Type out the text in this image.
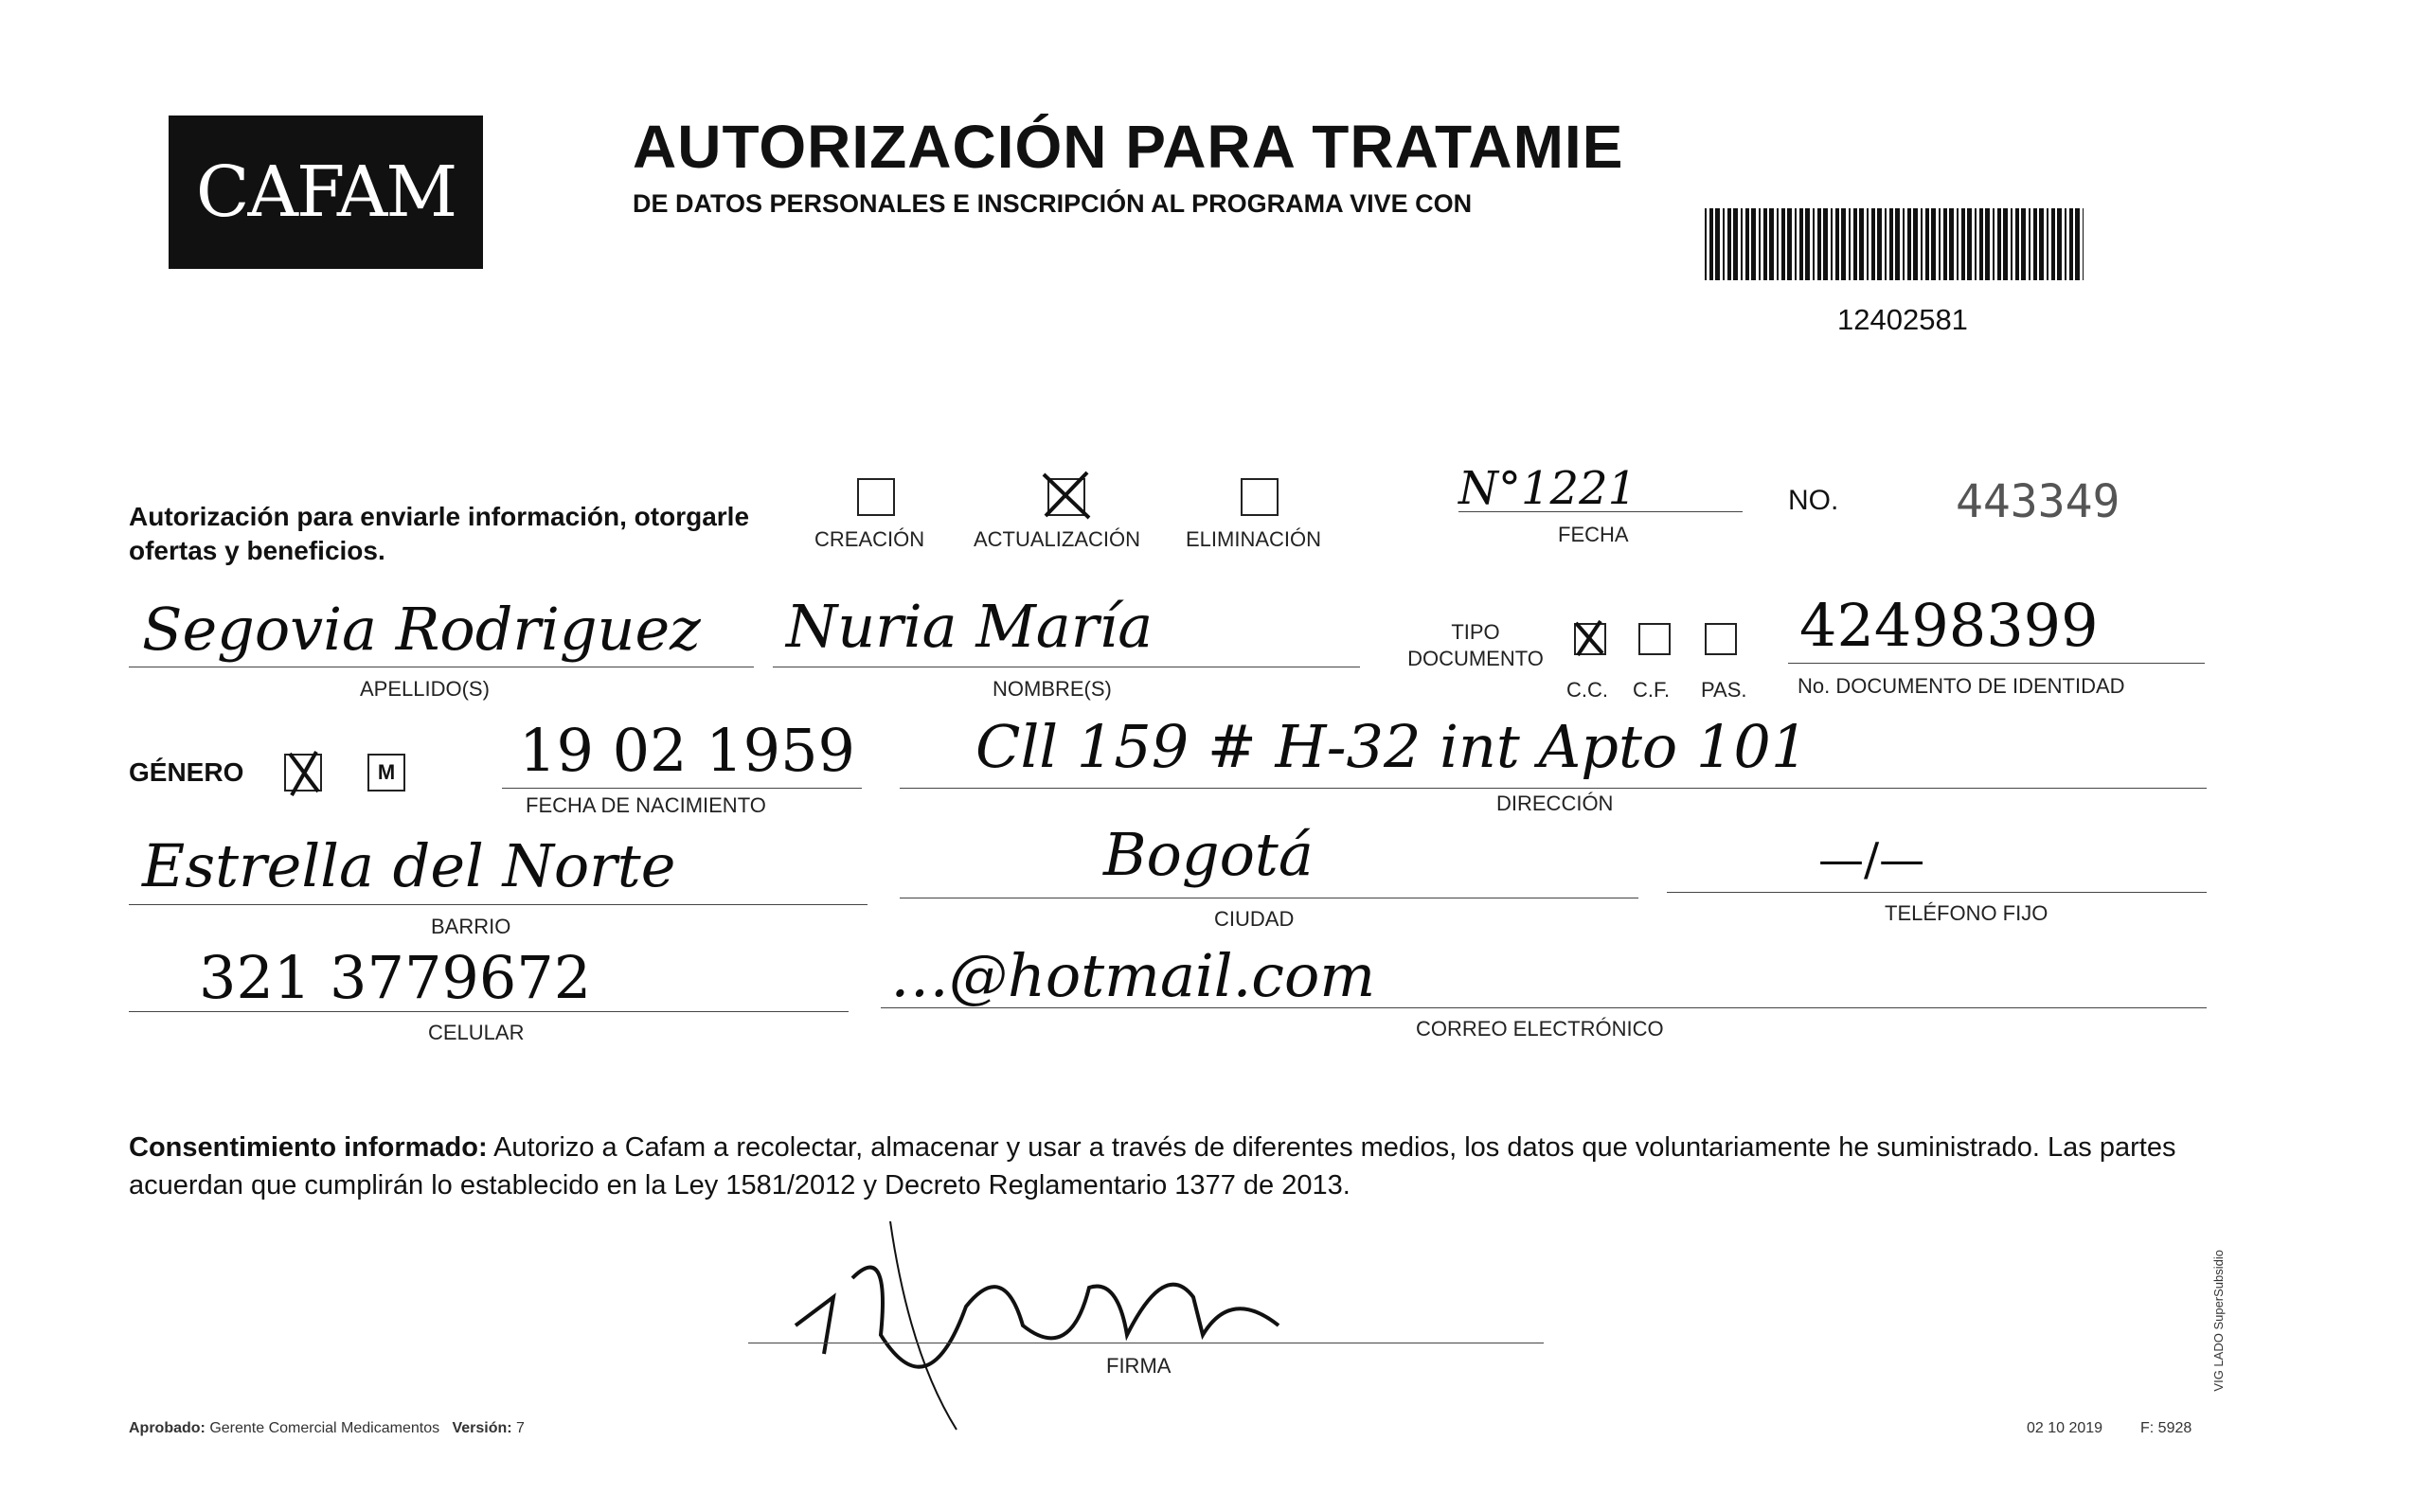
CAFAM
AUTORIZACIÓN PARA TRATAMIE
DE DATOS PERSONALES E INSCRIPCIÓN AL PROGRAMA VIVE CON
12402581
Autorización para enviarle información, otorgarle ofertas y beneficios.	CREACIÓN ACTUALIZACIÓN ELIMINACIÓN
N°1221
FECHA
NO.	443349
Segovia Rodriguez
APELLIDO(S)
Nuria María
NOMBRE(S)
TIPO DOCUMENTO
C.C. C.F. PAS.
42498399
No. DOCUMENTO DE IDENTIDAD
GÉNERO	M 19 02 1959
FECHA DE NACIMIENTO
Cll 159 # H-32 int Apto 101
DIRECCIÓN
Estrella del Norte
BARRIO
Bogotá
CIUDAD
—/—
TELÉFONO FIJO
321 3779672
CELULAR
…@hotmail.com
CORREO ELECTRÓNICO
Consentimiento informado: Autorizo a Cafam a recolectar, almacenar y usar a través de diferentes medios, los datos que voluntariamente he suministrado. Las partes acuerdan que cumplirán lo establecido en la Ley 1581/2012 y Decreto Reglamentario 1377 de 2013.
FIRMA
Aprobado: Gerente Comercial Medicamentos Versión: 7	02 10 2019 F: 5928
VIG LADO SuperSubsidio
